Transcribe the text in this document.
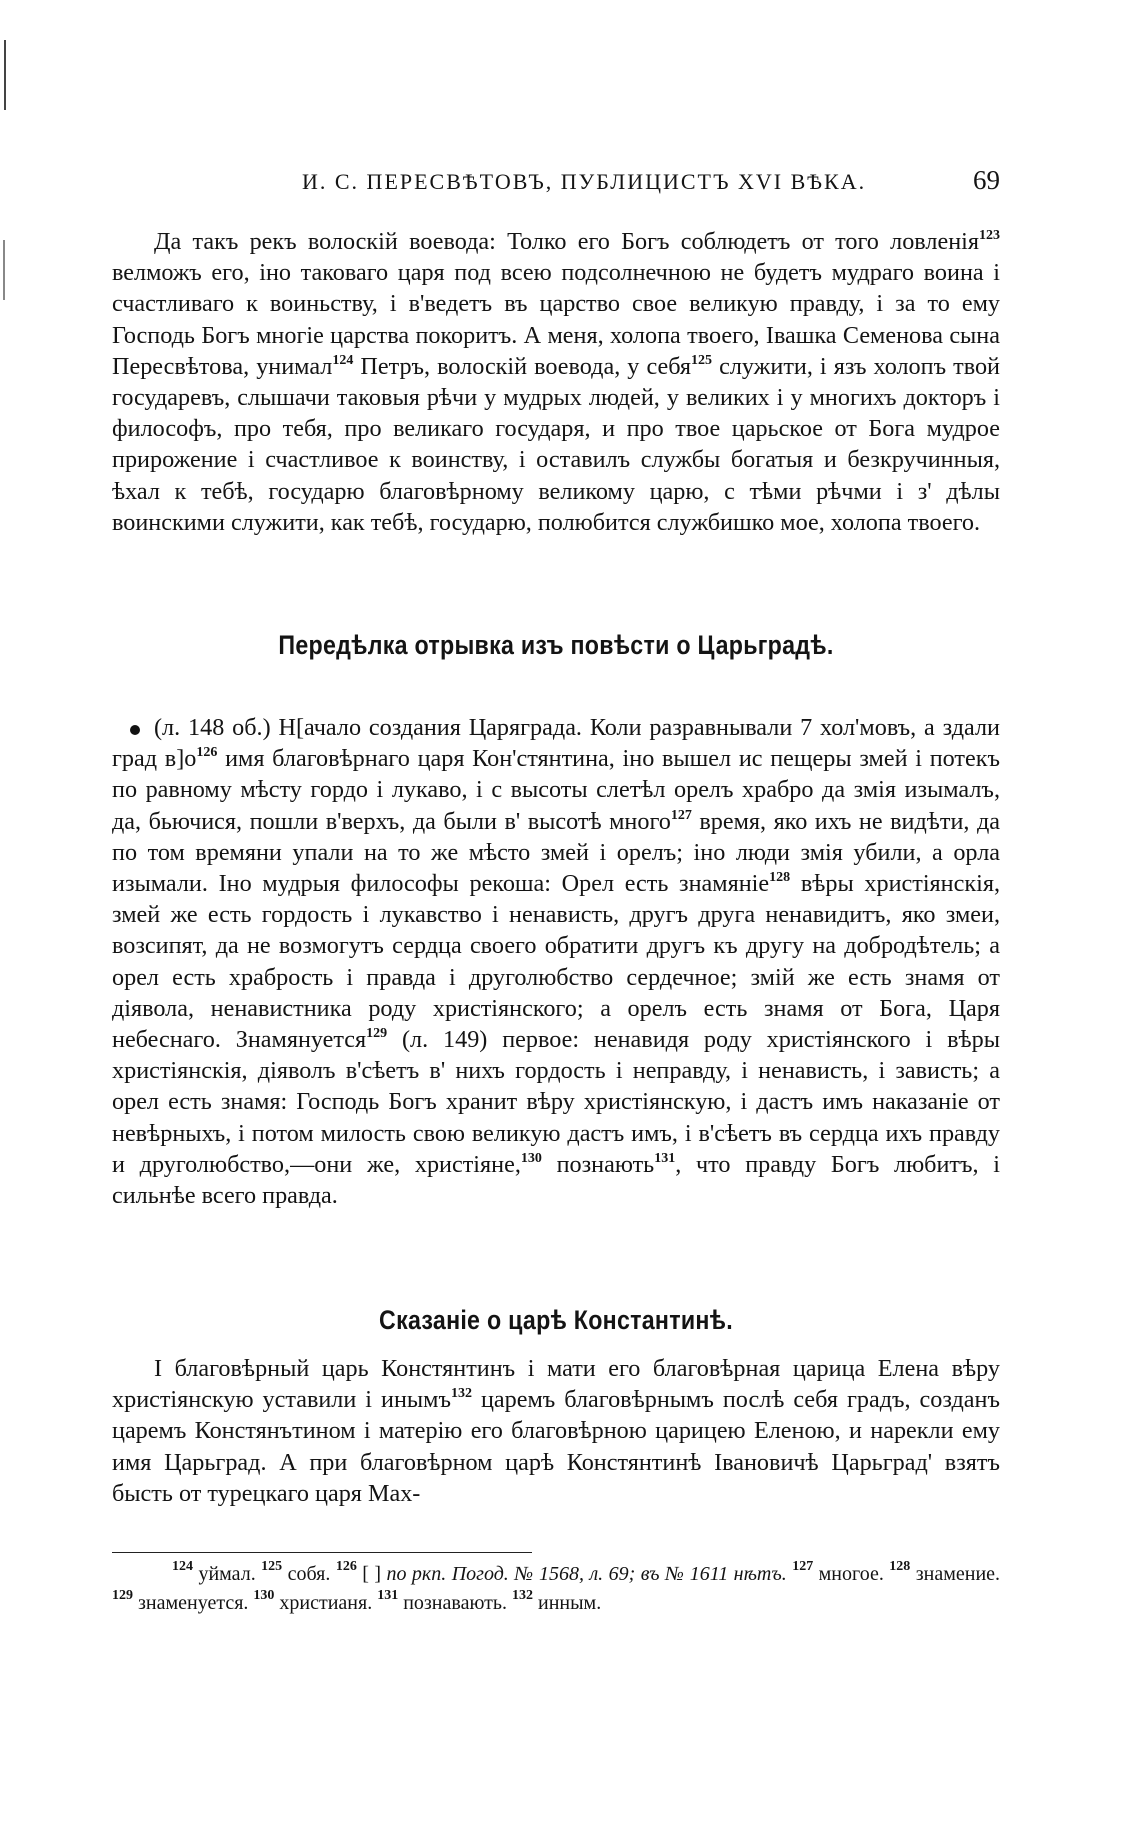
И. С. ПЕРЕСВѢТОВЪ, ПУБЛИЦИСТЪ XVI ВѢКА.	69

Да такъ рекъ волоскій воевода: Толко его Богъ соблюдетъ от того ловленія$^{123}$ велможъ его, іно таковаго царя под всею подсолнечною не будетъ мудраго воина і счастливаго к воиньству, і в'ведетъ въ царство свое великую правду, і за то ему Господь Богъ многіе царства покоритъ. А меня, холопа твоего, Івашка Семенова сына Пересвѣтова, унимал$^{124}$ Петръ, волоскій воевода, у себя$^{125}$ служити, і язъ холопъ твой государевъ, слышачи таковыя рѣчи у мудрых людей, у великих і у многихъ докторъ і философъ, про тебя, про великаго государя, и про твое царьское от Бога мудрое прирожение і счастливое к воинству, і оставилъ службы богатыя и безкручинныя, ѣхал к тебѣ, государю благовѣрному великому царю, с тѣми рѣчми і з' дѣлы воинскими служити, как тебѣ, государю, полюбится службишко мое, холопа твоего.

Передѣлка отрывка изъ повѣсти о Царьградѣ.

(л. 148 об.) Н[ачало создания Царяграда. Коли разравнывали 7 хол'мовъ, а здали град $в]о^{126}$ имя благовѣрнаго царя Кон'стянтина, іно вышел ис пещеры змей і потекъ по равному мѣсту гордо і лукаво, і с высоты слетѣл орелъ храбро да змія изымалъ, да, бьючися, пошли в'верхъ, да были в' высотѣ много$^{127}$ время, яко ихъ не видѣти, да по том времяни упали на то же мѣсто змей і орелъ; іно люди змія убили, а орла изымали. Іно мудрыя философы рекоша: Орел есть знамяніе$^{128}$ вѣры христіянскія, змей же есть гордость і лукавство і ненависть, другъ друга ненавидитъ, яко змеи, возсипят, да не возмогутъ сердца своего обратити другъ къ другу на добродѣтель; а орел есть храбрость і правда і друголюбство сердечное; змій же есть знамя от діявола, ненавистника роду христіянского; а орелъ есть знамя от Бога, Царя небеснаго. Знамянуется$^{129}$ (л. 149) первое: ненавидя роду христіянского і вѣры христіянскія, діяволъ в'сѣетъ в' нихъ гордость і неправду, і ненависть, і зависть; а орел есть знамя: Господь Богъ хранит вѣру христіянскую, і дастъ имъ наказаніе от невѣрныхъ, і потом милость свою великую дастъ имъ, і в'сѣетъ въ сердца ихъ правду и друголюбство,—они же, христіяне,$^{130}$ познають$^{131}$, что правду Богъ любитъ, і сильнѣе всего правда.

Сказаніе о царѣ Константинѣ.

І благовѣрный царь Констянтинъ і мати его благовѣрная царица Елена вѣру христіянскую уставили і инымъ$^{132}$ царемъ благовѣрнымъ послѣ себя градъ, созданъ царемъ Констянътином і матерію его благовѣрною царицею Еленою, и нарекли ему имя Царьград. А при благовѣрном царѣ Констянтинѣ Івановичѣ Царьград' взятъ бысть от турецкаго царя Мах-

$^{124}$ уймал. $^{125}$ собя. $^{126}$ [ ] по ркп. Погод. № 1568, л. 69; въ № 1611 нѣтъ. $^{127}$ многое. $^{128}$ знамение. $^{129}$ знаменуется. $^{130}$ христианя. $^{131}$ познавають. $^{132}$ инным.
